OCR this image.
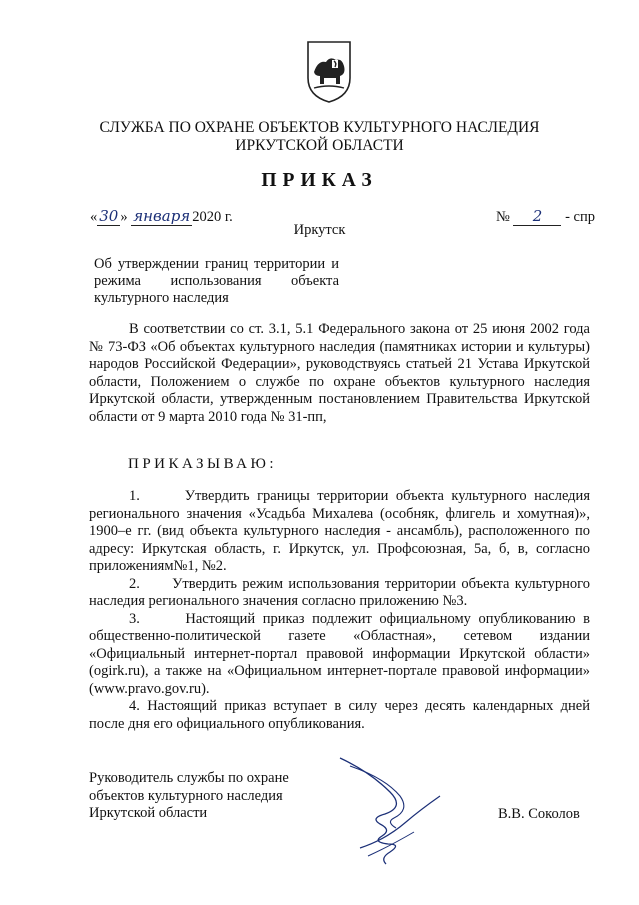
СЛУЖБА ПО ОХРАНЕ ОБЪЕКТОВ КУЛЬТУРНОГО НАСЛЕДИЯ
ИРКУТСКОЙ ОБЛАСТИ
ПРИКАЗ
« 30 » января 2020 г.	№ 2 - спр
Иркутск
Об утверждении границ территории и режима использования объекта культурного наследия
В соответствии со ст. 3.1, 5.1 Федерального закона от 25 июня 2002 года № 73-ФЗ «Об объектах культурного наследия (памятниках истории и культуры) народов Российской Федерации», руководствуясь статьей 21 Устава Иркутской области, Положением о службе по охране объектов культурного наследия Иркутской области, утвержденным постановлением Правительства Иркутской области от 9 марта 2010 года № 31-пп,
ПРИКАЗЫВАЮ:

1.      Утвердить границы территории объекта культурного наследия регионального значения «Усадьба Михалева (особняк, флигель и хомутная)», 1900–е гг. (вид объекта культурного наследия - ансамбль), расположенного по адресу: Иркутская область, г. Иркутск, ул. Профсоюзная, 5а, б, в, согласно приложениям№1, №2.

2.      Утвердить режим использования территории объекта культурного наследия регионального значения согласно приложению №3.

3.      Настоящий приказ подлежит официальному опубликованию в общественно-политической газете «Областная», сетевом издании «Официальный интернет-портал правовой информации Иркутской области» (ogirk.ru), а также на «Официальном интернет-портале правовой информации» (www.pravo.gov.ru).

4. Настоящий приказ вступает в силу через десять календарных дней после дня его официального опубликования.

Руководитель службы по охране
объектов культурного наследия
Иркутской области	В.В. Соколов
